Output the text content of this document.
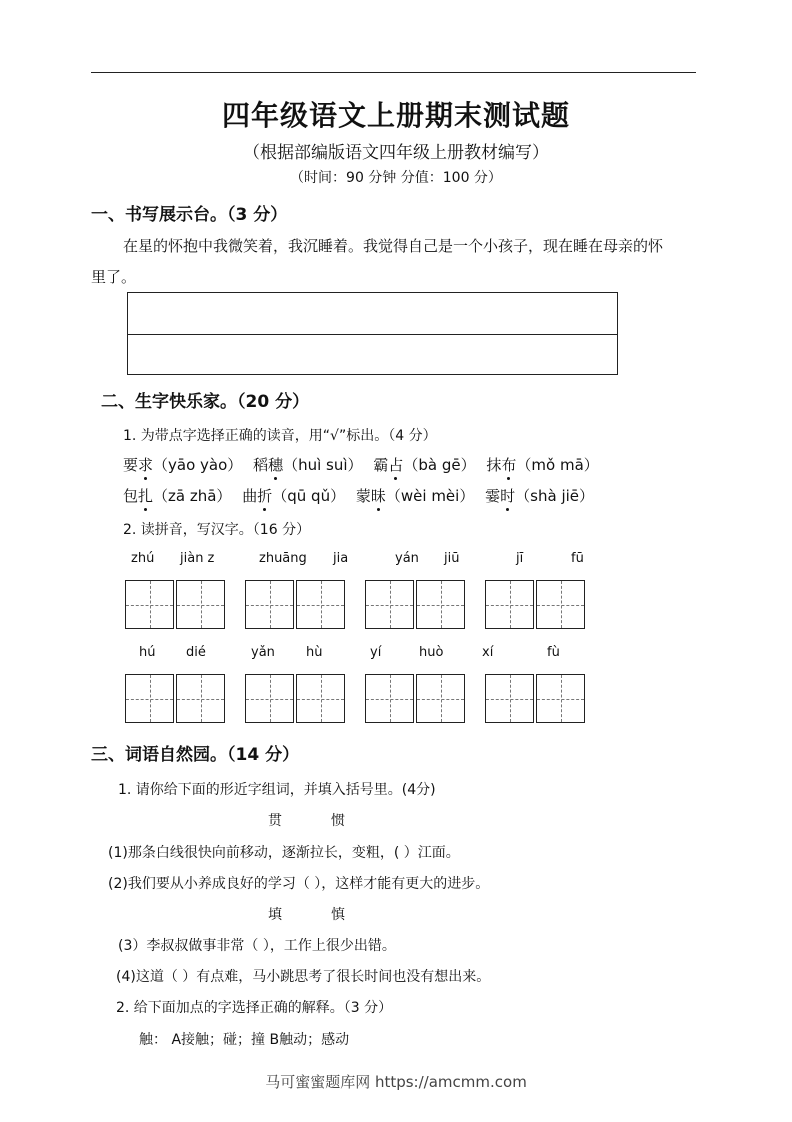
四年级语文上册期末测试题
（根据部编版语文四年级上册教材编写）
（时间：90 分钟 分值：100 分）
一、书写展示台。（3 分）
在星的怀抱中我微笑着，我沉睡着。我觉得自己是一个小孩子，现在睡在母亲的怀
里了。
二、生字快乐家。（20 分）
1. 为带点字选择正确的读音，用“√”标出。（4 分）
要求（yāo yào） 稻穗（huì suì） 霸占（bà gē） 抹布（mǒ mā）
包扎（zā zhā） 曲折（qū qǔ） 蒙昧（wèi mèi） 霎时（shà jiē）
2. 读拼音，写汉字。（16 分）
zhú jiàn z	zhuāng jia	yán jiū	jī	fū
hú dié	yǎn hù	yí	huò	xí	fù
三、词语自然园。（14 分）
1. 请你给下面的形近字组词，并填入括号里。(4分)
贯	惯
(1)那条白线很快向前移动，逐渐拉长，变粗，( ）江面。
(2)我们要从小养成良好的学习（ ），这样才能有更大的进步。
填	慎
(3）李叔叔做事非常（ ），工作上很少出错。
(4)这道（ ）有点难，马小跳思考了很长时间也没有想出来。
2. 给下面加点的字选择正确的解释。（3 分）
触： A接触；碰；撞 B触动；感动
马可蜜蜜题库网 https://amcmm.com
